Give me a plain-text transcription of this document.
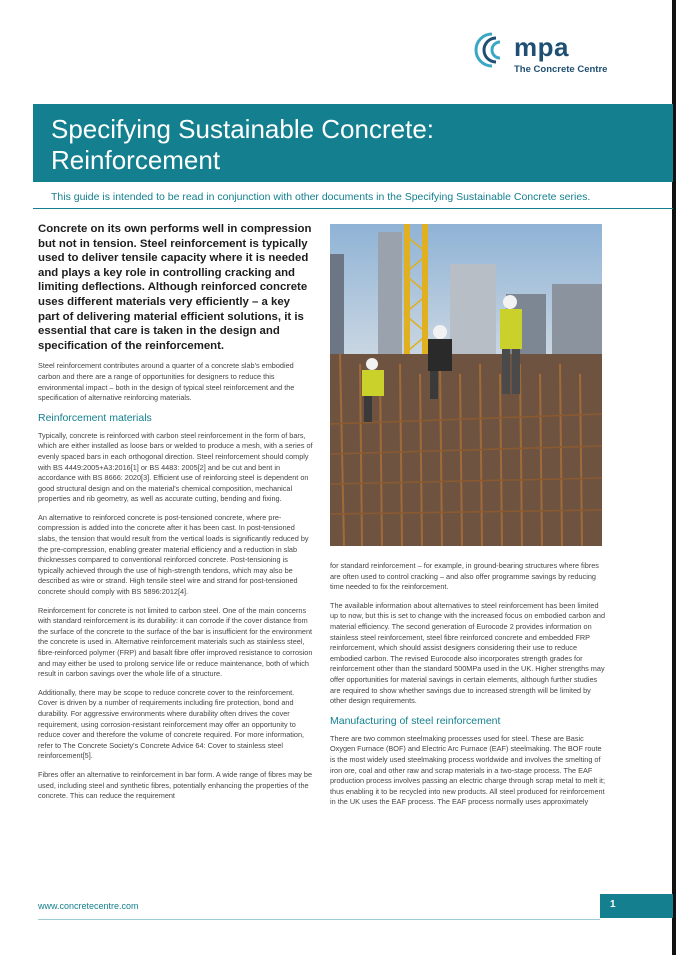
mpa
The Concrete Centre
Specifying Sustainable Concrete:
Reinforcement
This guide is intended to be read in conjunction with other documents in the Specifying Sustainable Concrete series.

Concrete on its own performs well in compression but not in tension. Steel reinforcement is typically used to deliver tensile capacity where it is needed and plays a key role in controlling cracking and limiting deflections. Although reinforced concrete uses different materials very efficiently – a key part of delivering material efficient solutions, it is essential that care is taken in the design and specification of the reinforcement.

Steel reinforcement contributes around a quarter of a concrete slab's embodied carbon and there are a range of opportunities for designers to reduce this environmental impact – both in the design of typical steel reinforcement and the specification of alternative reinforcing materials.

Reinforcement materials

Typically, concrete is reinforced with carbon steel reinforcement in the form of bars, which are either installed as loose bars or welded to produce a mesh, with a series of evenly spaced bars in each orthogonal direction. Steel reinforcement should comply with BS 4449:2005+A3:2016[1] or BS 4483: 2005[2] and be cut and bent in accordance with BS 8666: 2020[3]. Efficient use of reinforcing steel is dependent on good structural design and on the material's chemical composition, mechanical properties and rib geometry, as well as accurate cutting, bending and fixing.

An alternative to reinforced concrete is post-tensioned concrete, where pre-compression is added into the concrete after it has been cast. In post-tensioned slabs, the tension that would result from the vertical loads is significantly reduced by the pre-compression, enabling greater material efficiency and a reduction in slab thicknesses compared to conventional reinforced concrete. Post-tensioning is typically achieved through the use of high-strength tendons, which may also be described as wire or strand. High tensile steel wire and strand for post-tensioned concrete should comply with BS 5896:2012[4].

Reinforcement for concrete is not limited to carbon steel. One of the main concerns with standard reinforcement is its durability: it can corrode if the cover distance from the surface of the concrete to the surface of the bar is insufficient for the environment the concrete is used in. Alternative reinforcement materials such as stainless steel, fibre-reinforced polymer (FRP) and basalt fibre offer improved resistance to corrosion and may either be used to prolong service life or reduce maintenance, both of which result in carbon savings over the whole life of a structure.

Additionally, there may be scope to reduce concrete cover to the reinforcement. Cover is driven by a number of requirements including fire protection, bond and durability. For aggressive environments where durability often drives the cover requirement, using corrosion-resistant reinforcement may offer an opportunity to reduce cover and therefore the volume of concrete required. For more information, refer to The Concrete Society's Concrete Advice 64: Cover to stainless steel reinforcement[5].

Fibres offer an alternative to reinforcement in bar form. A wide range of fibres may be used, including steel and synthetic fibres, potentially enhancing the properties of the concrete. This can reduce the requirement

for standard reinforcement – for example, in ground-bearing structures where fibres are often used to control cracking – and also offer programme savings by reducing time needed to fix the reinforcement.

The available information about alternatives to steel reinforcement has been limited up to now, but this is set to change with the increased focus on embodied carbon and material efficiency. The second generation of Eurocode 2 provides information on stainless steel reinforcement, steel fibre reinforced concrete and embedded FRP reinforcement, which should assist designers considering their use to reduce embodied carbon. The revised Eurocode also incorporates strength grades for reinforcement other than the standard 500MPa used in the UK. Higher strengths may offer opportunities for material savings in certain elements, although further studies are required to show whether savings due to increased strength will be limited by other design requirements.

Manufacturing of steel reinforcement

There are two common steelmaking processes used for steel. These are Basic Oxygen Furnace (BOF) and Electric Arc Furnace (EAF) steelmaking. The BOF route is the most widely used steelmaking process worldwide and involves the smelting of iron ore, coal and other raw and scrap materials in a two-stage process. The EAF production process involves passing an electric charge through scrap metal to melt it; thus enabling it to be recycled into new products. All steel produced for reinforcement in the UK uses the EAF process. The EAF process normally uses approximately

www.concretecentre.com	1
